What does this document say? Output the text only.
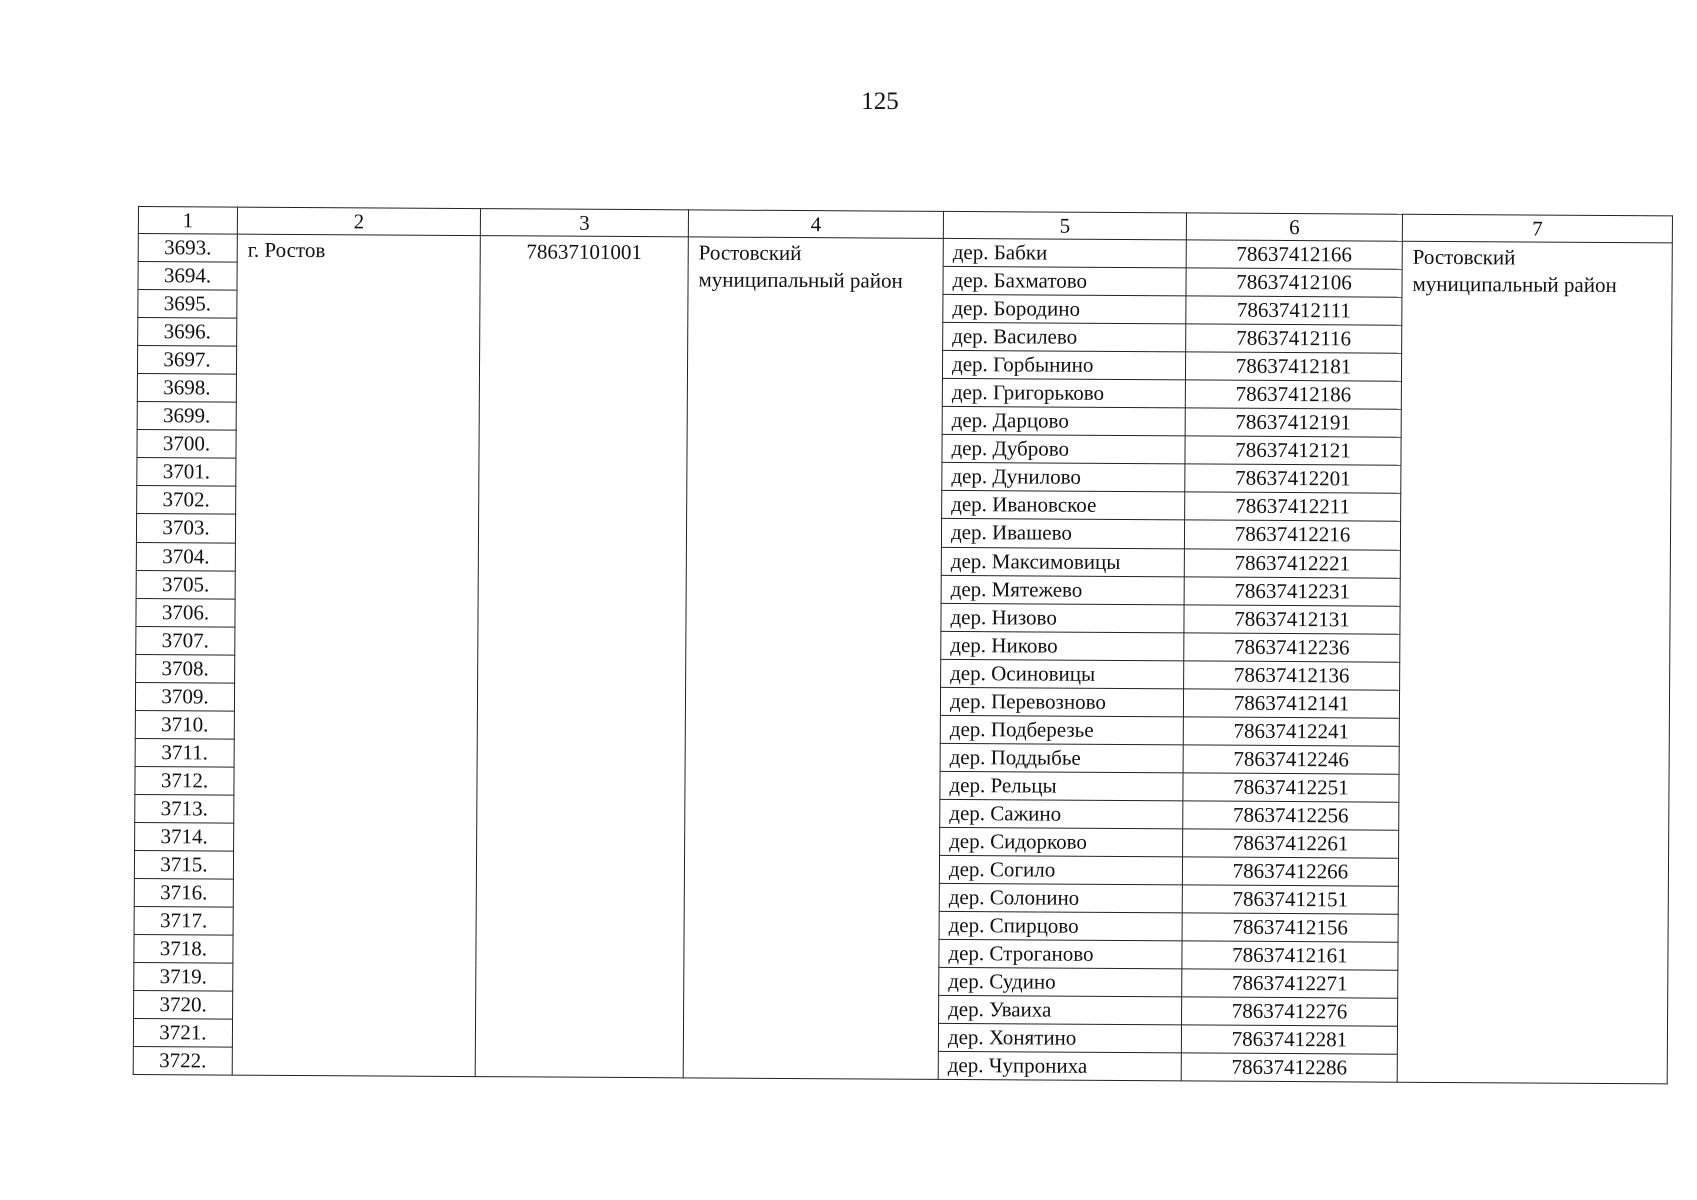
125
1	2	3	4	5	6	7
3693.	г. Ростов	78637101001	Ростовский муниципальный район	дер. Бабки	78637412166	Ростовский муниципальный район
3694.				дер. Бахматово	78637412106	
3695.				дер. Бородино	78637412111	
3696.				дер. Василево	78637412116	
3697.				дер. Горбынино	78637412181	
3698.				дер. Григорьково	78637412186	
3699.				дер. Дарцово	78637412191	
3700.				дер. Дуброво	78637412121	
3701.				дер. Дунилово	78637412201	
3702.				дер. Ивановское	78637412211	
3703.				дер. Ивашево	78637412216	
3704.				дер. Максимовицы	78637412221	
3705.				дер. Мятежево	78637412231	
3706.				дер. Низово	78637412131	
3707.				дер. Никово	78637412236	
3708.				дер. Осиновицы	78637412136	
3709.				дер. Перевозново	78637412141	
3710.				дер. Подберезье	78637412241	
3711.				дер. Поддыбье	78637412246	
3712.				дер. Рельцы	78637412251	
3713.				дер. Сажино	78637412256	
3714.				дер. Сидорково	78637412261	
3715.				дер. Согило	78637412266	
3716.				дер. Солонино	78637412151	
3717.				дер. Спирцово	78637412156	
3718.				дер. Строганово	78637412161	
3719.				дер. Судино	78637412271	
3720.				дер. Уваиха	78637412276	
3721.				дер. Хонятино	78637412281	
3722.				дер. Чупрониха	78637412286	
